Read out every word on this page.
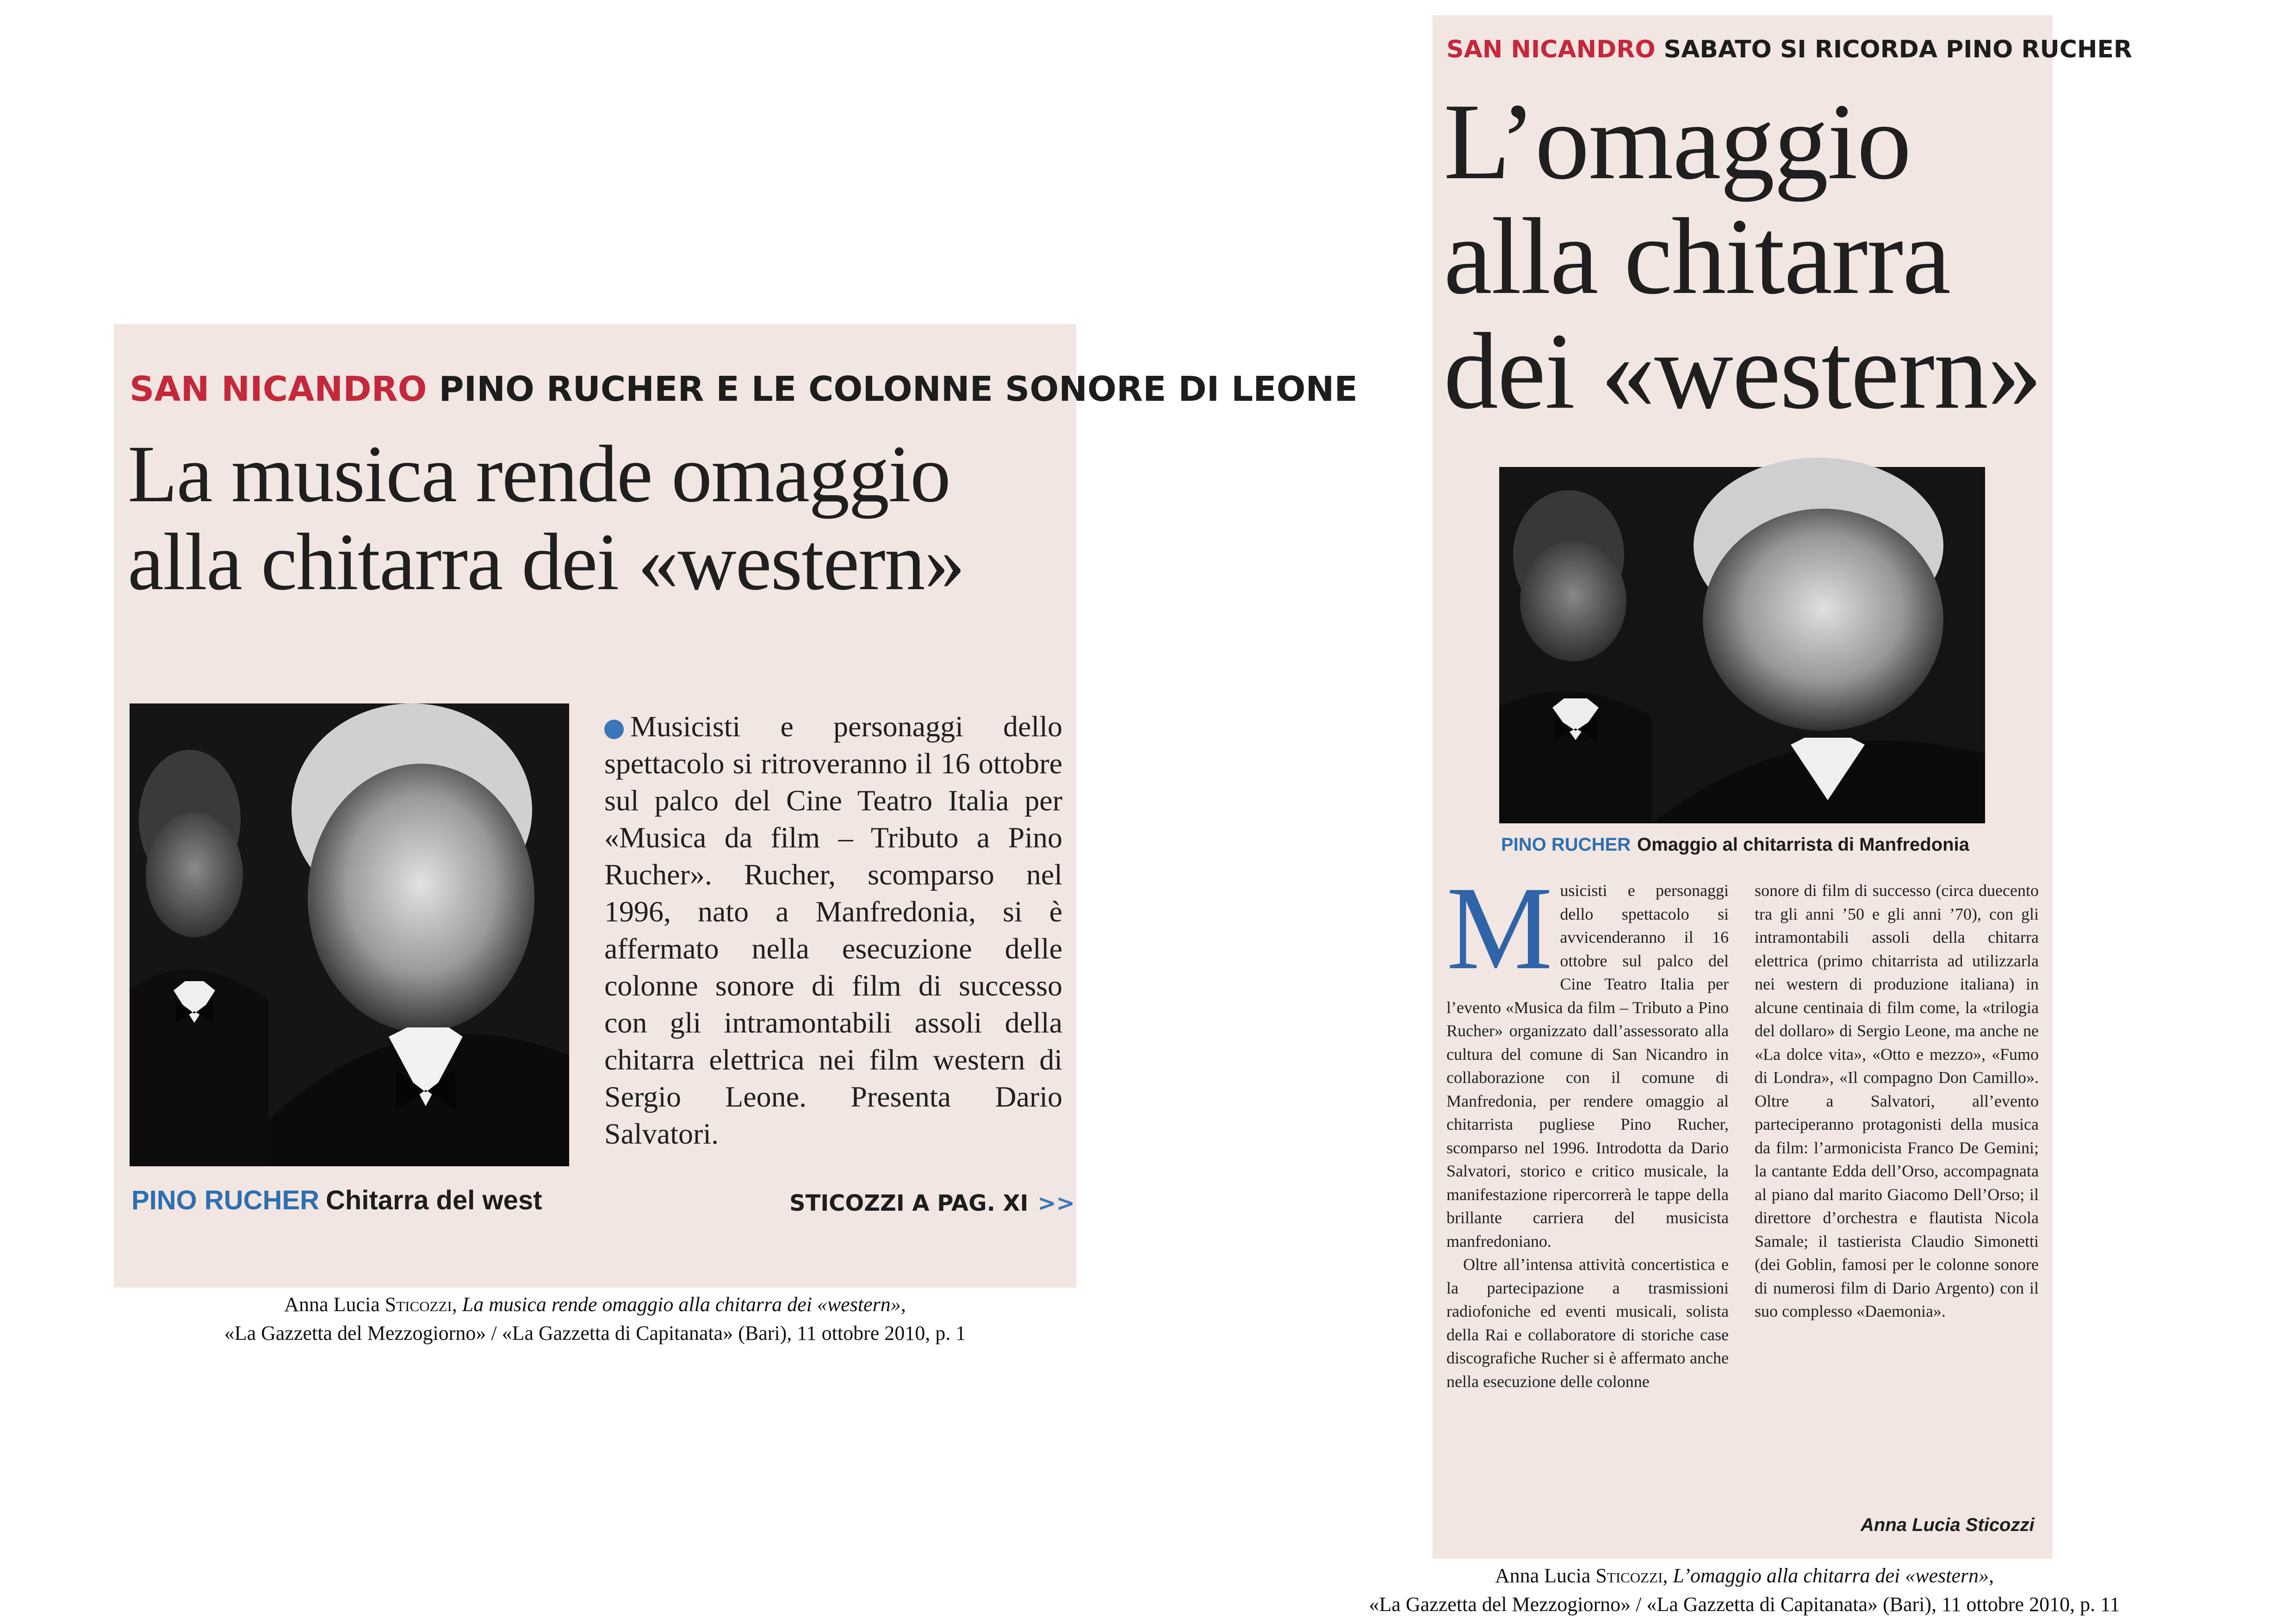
SAN NICANDRO PINO RUCHER E LE COLONNE SONORE DI LEONE
La musica rende omaggio
alla chitarra dei «western»

Musicisti e personaggi dello spettacolo si ritroveranno il 16 ottobre sul palco del Cine Teatro Italia per «Musica da film – Tributo a Pino Rucher». Rucher, scomparso nel 1996, nato a Manfredonia, si è affermato nella esecuzione delle colonne sonore di film di successo con gli intramontabili assoli della chitarra elettrica nei film western di Sergio Leone. Presenta Dario Salvatori.

PINO RUCHER Chitarra del west	STICOZZI A PAG. XI >>
Anna Lucia Sticozzi, La musica rende omaggio alla chitarra dei «western»,
«La Gazzetta del Mezzogiorno» / «La Gazzetta di Capitanata» (Bari), 11 ottobre 2010, p. 1
SAN NICANDRO SABATO SI RICORDA PINO RUCHER
L’omaggio
alla chitarra
dei «western»
PINO RUCHER Omaggio al chitarrista di Manfredonia

Musicisti e personaggi dello spettacolo si avvicenderanno il 16 ottobre sul palco del Cine Teatro Italia per l’evento «Musica da film – Tributo a Pino Rucher» organizzato dall’assessorato alla cultura del comune di San Nicandro in collaborazione con il comune di Manfredonia, per rendere omaggio al chitarrista pugliese Pino Rucher, scomparso nel 1996. Introdotta da Dario Salvatori, storico e critico musicale, la manifestazione ripercorrerà le tappe della brillante carriera del musicista manfredoniano.

Oltre all’intensa attività concertistica e la partecipazione a trasmissioni radiofoniche ed eventi musicali, solista della Rai e collaboratore di storiche case discografiche Rucher si è affermato anche nella esecuzione delle colonne

sonore di film di successo (circa duecento tra gli anni ’50 e gli anni ’70), con gli intramontabili assoli della chitarra elettrica (primo chitarrista ad utilizzarla nei western di produzione italiana) in alcune centinaia di film come, la «trilogia del dollaro» di Sergio Leone, ma anche ne «La dolce vita», «Otto e mezzo», «Fumo di Londra», «Il compagno Don Camillo». Oltre a Salvatori, all’evento parteciperanno protagonisti della musica da film: l’armonicista Franco De Gemini; la cantante Edda dell’Orso, accompagnata al piano dal marito Giacomo Dell’Orso; il direttore d’orchestra e flautista Nicola Samale; il tastierista Claudio Simonetti (dei Goblin, famosi per le colonne sonore di numerosi film di Dario Argento) con il suo complesso «Daemonia».

Anna Lucia Sticozzi
Anna Lucia Sticozzi, L’omaggio alla chitarra dei «western»,
«La Gazzetta del Mezzogiorno» / «La Gazzetta di Capitanata» (Bari), 11 ottobre 2010, p. 11
